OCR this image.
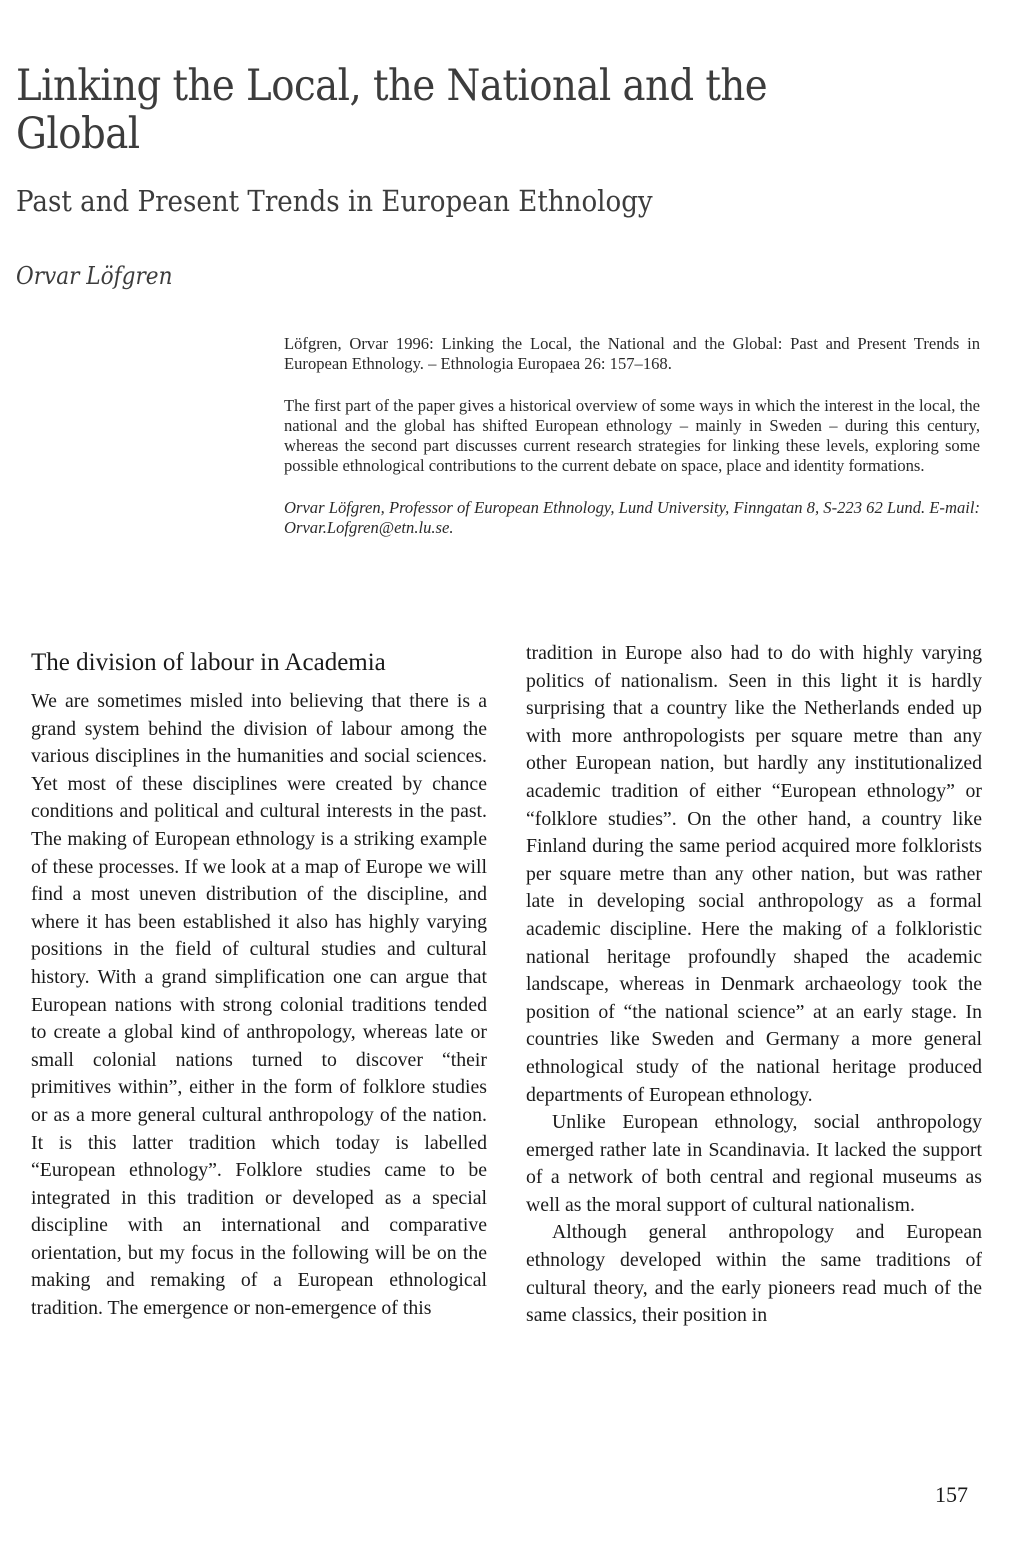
Linking the Local, the National and the Global
Past and Present Trends in European Ethnology
Orvar Löfgren

Löfgren, Orvar 1996: Linking the Local, the National and the Global: Past and Present Trends in European Ethnology. – Ethnologia Europaea 26: 157–168.

The first part of the paper gives a historical overview of some ways in which the interest in the local, the national and the global has shifted European ethnology – mainly in Sweden – during this century, whereas the second part discusses current research strategies for linking these levels, exploring some possible ethnological contributions to the current debate on space, place and identity formations.

Orvar Löfgren, Professor of European Ethnology, Lund University, Finngatan 8, S-223 62 Lund. E-mail: Orvar.Lofgren@etn.lu.se.

The division of labour in Academia

We are sometimes misled into believing that there is a grand system behind the division of labour among the various disciplines in the humanities and social sciences. Yet most of these disciplines were created by chance conditions and political and cultural interests in the past. The making of European ethnology is a striking example of these processes. If we look at a map of Europe we will find a most uneven distribution of the discipline, and where it has been established it also has highly varying positions in the field of cultural studies and cultural history. With a grand simplification one can argue that European nations with strong colonial traditions tended to create a global kind of anthropology, whereas late or small colonial nations turned to discover “their primitives within”, either in the form of folklore studies or as a more general cultural anthropology of the nation. It is this latter tradition which today is labelled “European ethnology”. Folklore studies came to be integrated in this tradition or developed as a special discipline with an international and comparative orientation, but my focus in the following will be on the making and remaking of a European ethnological tradition. The emergence or non-emergence of this

tradition in Europe also had to do with highly varying politics of nationalism. Seen in this light it is hardly surprising that a country like the Netherlands ended up with more anthropologists per square metre than any other European nation, but hardly any institutionalized academic tradition of either “European ethnology” or “folklore studies”. On the other hand, a country like Finland during the same period acquired more folklorists per square metre than any other nation, but was rather late in developing social anthropology as a formal academic discipline. Here the making of a folkloristic national heritage profoundly shaped the academic landscape, whereas in Denmark archaeology took the position of “the national science” at an early stage. In countries like Sweden and Germany a more general ethnological study of the national heritage produced departments of European ethnology.

Unlike European ethnology, social anthropology emerged rather late in Scandinavia. It lacked the support of a network of both central and regional museums as well as the moral support of cultural nationalism.

Although general anthropology and European ethnology developed within the same traditions of cultural theory, and the early pioneers read much of the same classics, their position in

157
